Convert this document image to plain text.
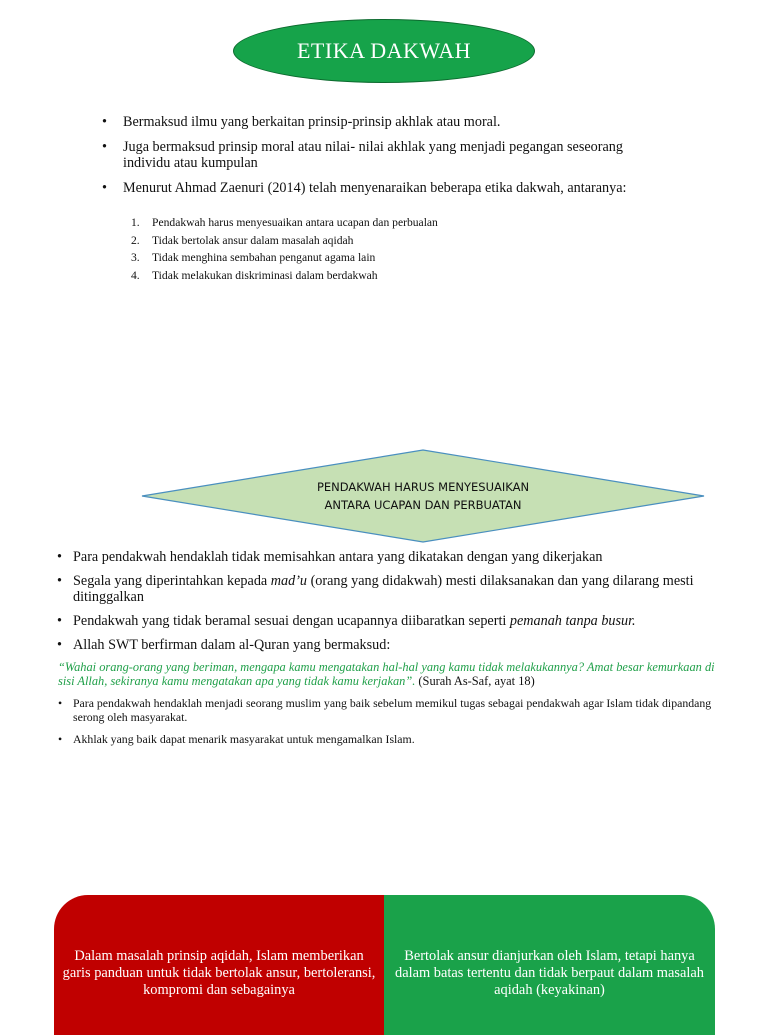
ETIKA DAKWAH
• Bermaksud ilmu yang berkaitan prinsip-prinsip akhlak atau moral.
• Juga bermaksud prinsip moral atau nilai- nilai akhlak yang menjadi pegangan seseorang individu atau kumpulan
• Menurut Ahmad Zaenuri (2014) telah menyenaraikan beberapa etika dakwah, antaranya:
1.	Pendakwah harus menyesuaikan antara ucapan dan perbualan
2.	Tidak bertolak ansur dalam masalah aqidah
3.	Tidak menghina sembahan penganut agama lain
4.	Tidak melakukan diskriminasi dalam berdakwah
PENDAKWAH HARUS MENYESUAIKAN
ANTARA UCAPAN DAN PERBUATAN
• Para pendakwah hendaklah tidak memisahkan antara yang dikatakan dengan yang dikerjakan
• Segala yang diperintahkan kepada mad’u (orang yang didakwah) mesti dilaksanakan dan yang dilarang mesti ditinggalkan
• Pendakwah yang tidak beramal sesuai dengan ucapannya diibaratkan seperti pemanah tanpa busur.
• Allah SWT berfirman dalam al-Quran yang bermaksud:
“Wahai orang-orang yang beriman, mengapa kamu mengatakan hal-hal yang kamu tidak melakukannya? Amat besar kemurkaan di sisi Allah, sekiranya kamu mengatakan apa yang tidak kamu kerjakan”. (Surah As-Saf, ayat 18)
• Para pendakwah hendaklah menjadi seorang muslim yang baik sebelum memikul tugas sebagai pendakwah agar Islam tidak dipandang serong oleh masyarakat.
• Akhlak yang baik dapat menarik masyarakat untuk mengamalkan Islam.
Dalam masalah prinsip aqidah, Islam memberikan garis panduan untuk tidak bertolak ansur, bertoleransi, kompromi dan sebagainya
Bertolak ansur dianjurkan oleh Islam, tetapi hanya dalam batas tertentu dan tidak berpaut dalam masalah aqidah (keyakinan)
